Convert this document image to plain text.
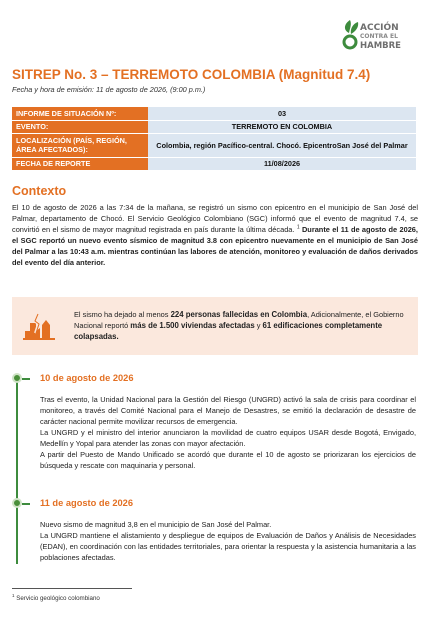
ACCIÓN
CONTRA EL
HAMBRE
SITREP No. 3 – TERREMOTO COLOMBIA (Magnitud 7.4)
Fecha y hora de emisión: 11 de agosto de 2026, (9:00 p.m.)
INFORME DE SITUACIÓN Nº:	03
EVENTO:	TERREMOTO EN COLOMBIA
LOCALIZACIÓN (PAÍS, REGIÓN, ÁREA AFECTADOS):	Colombia, región Pacífico-central. Chocó. EpicentroSan José del Palmar
FECHA DE REPORTE	11/08/2026
Contexto
El 10 de agosto de 2026 a las 7:34 de la mañana, se registró un sismo con epicentro en el municipio de San José del Palmar, departamento de Chocó. El Servicio Geológico Colombiano (SGC) informó que el evento de magnitud 7.4, se convirtió en el sismo de mayor magnitud registrada en país durante la última década. $^1$ Durante el 11 de agosto de 2026, el SGC reportó un nuevo evento sísmico de magnitud 3.8 con epicentro nuevamente en el municipio de San José del Palmar a las 10:43 a.m. mientras continúan las labores de atención, monitoreo y evaluación de daños derivados del evento del día anterior.
El sismo ha dejado al menos 224 personas fallecidas en Colombia, Adicionalmente, el Gobierno Nacional reportó más de 1.500 viviendas afectadas y 61 edificaciones completamente colapsadas.
10 de agosto de 2026

Tras el evento, la Unidad Nacional para la Gestión del Riesgo (UNGRD) activó la sala de crisis para coordinar el monitoreo, a través del Comité Nacional para el Manejo de Desastres, se emitió la declaración de desastre de carácter nacional permite movilizar recursos de emergencia.

La UNGRD y el ministro del interior anunciaron la movilidad de cuatro equipos USAR desde Bogotá, Envigado, Medellín y Yopal para atender las zonas con mayor afectación.

A partir del Puesto de Mando Unificado se acordó que durante el 10 de agosto se priorizaran los ejercicios de búsqueda y rescate con maquinaria y personal.

11 de agosto de 2026

Nuevo sismo de magnitud 3,8 en el municipio de San José del Palmar.

La UNGRD mantiene el alistamiento y despliegue de equipos de Evaluación de Daños y Análisis de Necesidades (EDAN), en coordinación con las entidades territoriales, para orientar la respuesta y la asistencia humanitaria a las poblaciones afectadas.

$^1$ Servicio geológico colombiano
